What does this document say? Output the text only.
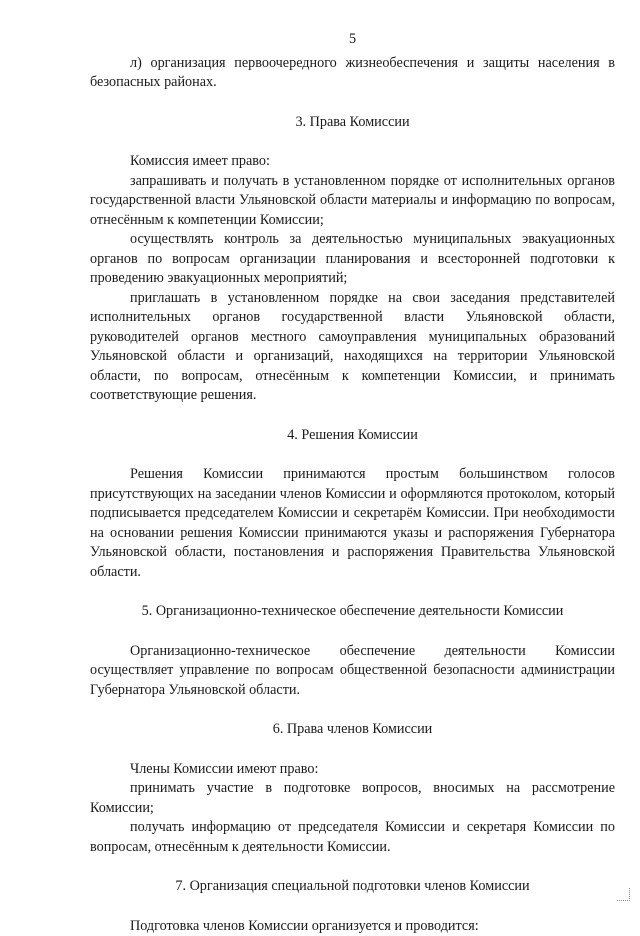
5

л) организация первоочередного жизнеобеспечения и защиты населения в безопасных районах.

3. Права Комиссии

Комиссия имеет право:

запрашивать и получать в установленном порядке от исполнительных органов государственной власти Ульяновской области материалы и информацию по вопросам, отнесённым к компетенции Комиссии;

осуществлять контроль за деятельностью муниципальных эвакуационных органов по вопросам организации планирования и всесторонней подготовки к проведению эвакуационных мероприятий;

приглашать в установленном порядке на свои заседания представителей исполнительных органов государственной власти Ульяновской области, руководителей органов местного самоуправления муниципальных образований Ульяновской области и организаций, находящихся на территории Ульяновской области, по вопросам, отнесённым к компетенции Комиссии, и принимать соответствующие решения.

4. Решения Комиссии

Решения Комиссии принимаются простым большинством голосов присутствующих на заседании членов Комиссии и оформляются протоколом, который подписывается председателем Комиссии и секретарём Комиссии. При необходимости на основании решения Комиссии принимаются указы и распоряжения Губернатора Ульяновской области, постановления и распоряжения Правительства Ульяновской области.

5. Организационно-техническое обеспечение деятельности Комиссии

Организационно-техническое обеспечение деятельности Комиссии осуществляет управление по вопросам общественной безопасности администрации Губернатора Ульяновской области.

6. Права членов Комиссии

Члены Комиссии имеют право:

принимать участие в подготовке вопросов, вносимых на рассмотрение Комиссии;

получать информацию от председателя Комиссии и секретаря Комиссии по вопросам, отнесённым к деятельности Комиссии.

7. Организация специальной подготовки членов Комиссии

Подготовка членов Комиссии организуется и проводится:
